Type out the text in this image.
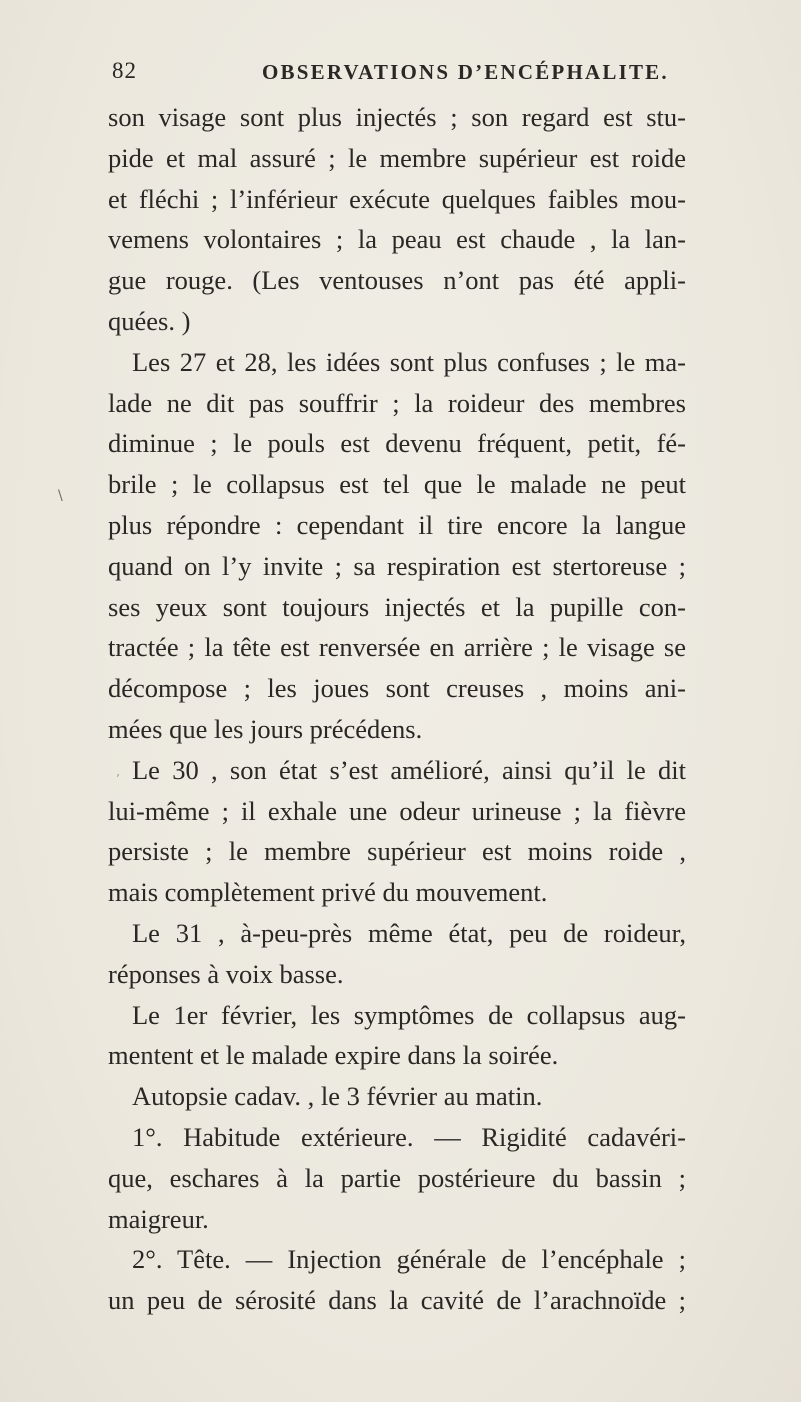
82	OBSERVATIONS D’ENCÉPHALITE.
\
’
son visage sont plus injectés ; son regard est stu-
pide et mal assuré ; le membre supérieur est roide
et fléchi ; l’inférieur exécute quelques faibles mou-
vemens volontaires ; la peau est chaude , la lan-
gue rouge. (Les ventouses n’ont pas été appli-
quées. )
Les 27 et 28, les idées sont plus confuses ; le ma-
lade ne dit pas souffrir ; la roideur des membres
diminue ; le pouls est devenu fréquent, petit, fé-
brile ; le collapsus est tel que le malade ne peut
plus répondre : cependant il tire encore la langue
quand on l’y invite ; sa respiration est stertoreuse ;
ses yeux sont toujours injectés et la pupille con-
tractée ; la tête est renversée en arrière ; le visage se
décompose ; les joues sont creuses , moins ani-
mées que les jours précédens.
Le 30 , son état s’est amélioré, ainsi qu’il le dit
lui-même ; il exhale une odeur urineuse ; la fièvre
persiste ; le membre supérieur est moins roide ,
mais complètement privé du mouvement.
Le 31 , à-peu-près même état, peu de roideur,
réponses à voix basse.
Le 1er février, les symptômes de collapsus aug-
mentent et le malade expire dans la soirée.
Autopsie cadav. , le 3 février au matin.
1°. Habitude extérieure. — Rigidité cadavéri-
que, eschares à la partie postérieure du bassin ;
maigreur.
2°. Tête. — Injection générale de l’encéphale ;
un peu de sérosité dans la cavité de l’arachnoïde ;
